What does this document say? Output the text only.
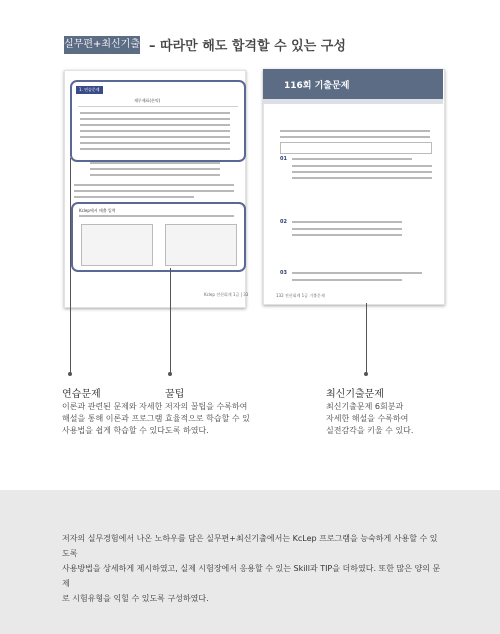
실무편+최신기출 – 따라만 해도 합격할 수 있는 구성
1. 연습문제
재무제표(손익)
Kclep에서 매출 입력
Kclep 전산회계 1급 | 33
116회 기출문제
01
02
03
132 전산회계 1급 기출문제
연습문제
이론과 관련된 문제와 자세한
해설을 통해 이론과 프로그램
사용법을 쉽게 학습할 수 있다.
꿀팁
저자의 꿀팁을 수록하여
효율적으로 학습할 수 있
도록 하였다.
최신기출문제
최신기출문제 6회분과
자세한 해설을 수록하여
실전감각을 키울 수 있다.
저자의 실무경험에서 나온 노하우를 담은 실무편+최신기출에서는 KcLep 프로그램을 능숙하게 사용할 수 있도록
사용방법을 상세하게 제시하였고, 실제 시험장에서 응용할 수 있는 Skill과 TIP을 더하였다. 또한 많은 양의 문제
로 시험유형을 익힐 수 있도록 구성하였다.
